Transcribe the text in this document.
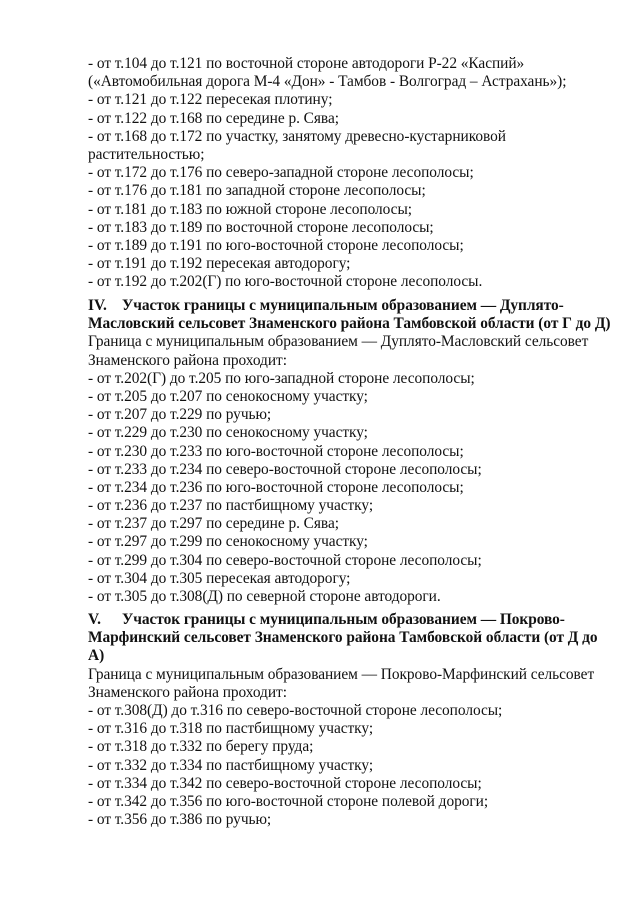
- от т.104 до т.121 по восточной стороне автодороги Р-22 «Каспий»
(«Автомобильная дорога М-4 «Дон» - Тамбов - Волгоград – Астрахань»);
- от т.121 до т.122 пересекая плотину;
- от т.122 до т.168 по середине р. Сява;
- от т.168 до т.172 по участку, занятому древесно-кустарниковой
растительностью;
- от т.172 до т.176 по северо-западной стороне лесополосы;
- от т.176 до т.181 по западной стороне лесополосы;
- от т.181 до т.183 по южной стороне лесополосы;
- от т.183 до т.189 по восточной стороне лесополосы;
- от т.189 до т.191 по юго-восточной стороне лесополосы;
- от т.191 до т.192 пересекая автодорогу;
- от т.192 до т.202(Г) по юго-восточной стороне лесополосы.
IV. Участок границы с муниципальным образованием — Дуплято-
Масловский сельсовет Знаменского района Тамбовской области (от Г до Д)
Граница с муниципальным образованием — Дуплято-Масловский сельсовет
Знаменского района проходит:
- от т.202(Г) до т.205 по юго-западной стороне лесополосы;
- от т.205 до т.207 по сенокосному участку;
- от т.207 до т.229 по ручью;
- от т.229 до т.230 по сенокосному участку;
- от т.230 до т.233 по юго-восточной стороне лесополосы;
- от т.233 до т.234 по северо-восточной стороне лесополосы;
- от т.234 до т.236 по юго-восточной стороне лесополосы;
- от т.236 до т.237 по пастбищному участку;
- от т.237 до т.297 по середине р. Сява;
- от т.297 до т.299 по сенокосному участку;
- от т.299 до т.304 по северо-восточной стороне лесополосы;
- от т.304 до т.305 пересекая автодорогу;
- от т.305 до т.308(Д) по северной стороне автодороги.
V. Участок границы с муниципальным образованием — Покрово-
Марфинский сельсовет Знаменского района Тамбовской области (от Д до
А)
Граница с муниципальным образованием — Покрово-Марфинский сельсовет
Знаменского района проходит:
- от т.308(Д) до т.316 по северо-восточной стороне лесополосы;
- от т.316 до т.318 по пастбищному участку;
- от т.318 до т.332 по берегу пруда;
- от т.332 до т.334 по пастбищному участку;
- от т.334 до т.342 по северо-восточной стороне лесополосы;
- от т.342 до т.356 по юго-восточной стороне полевой дороги;
- от т.356 до т.386 по ручью;
